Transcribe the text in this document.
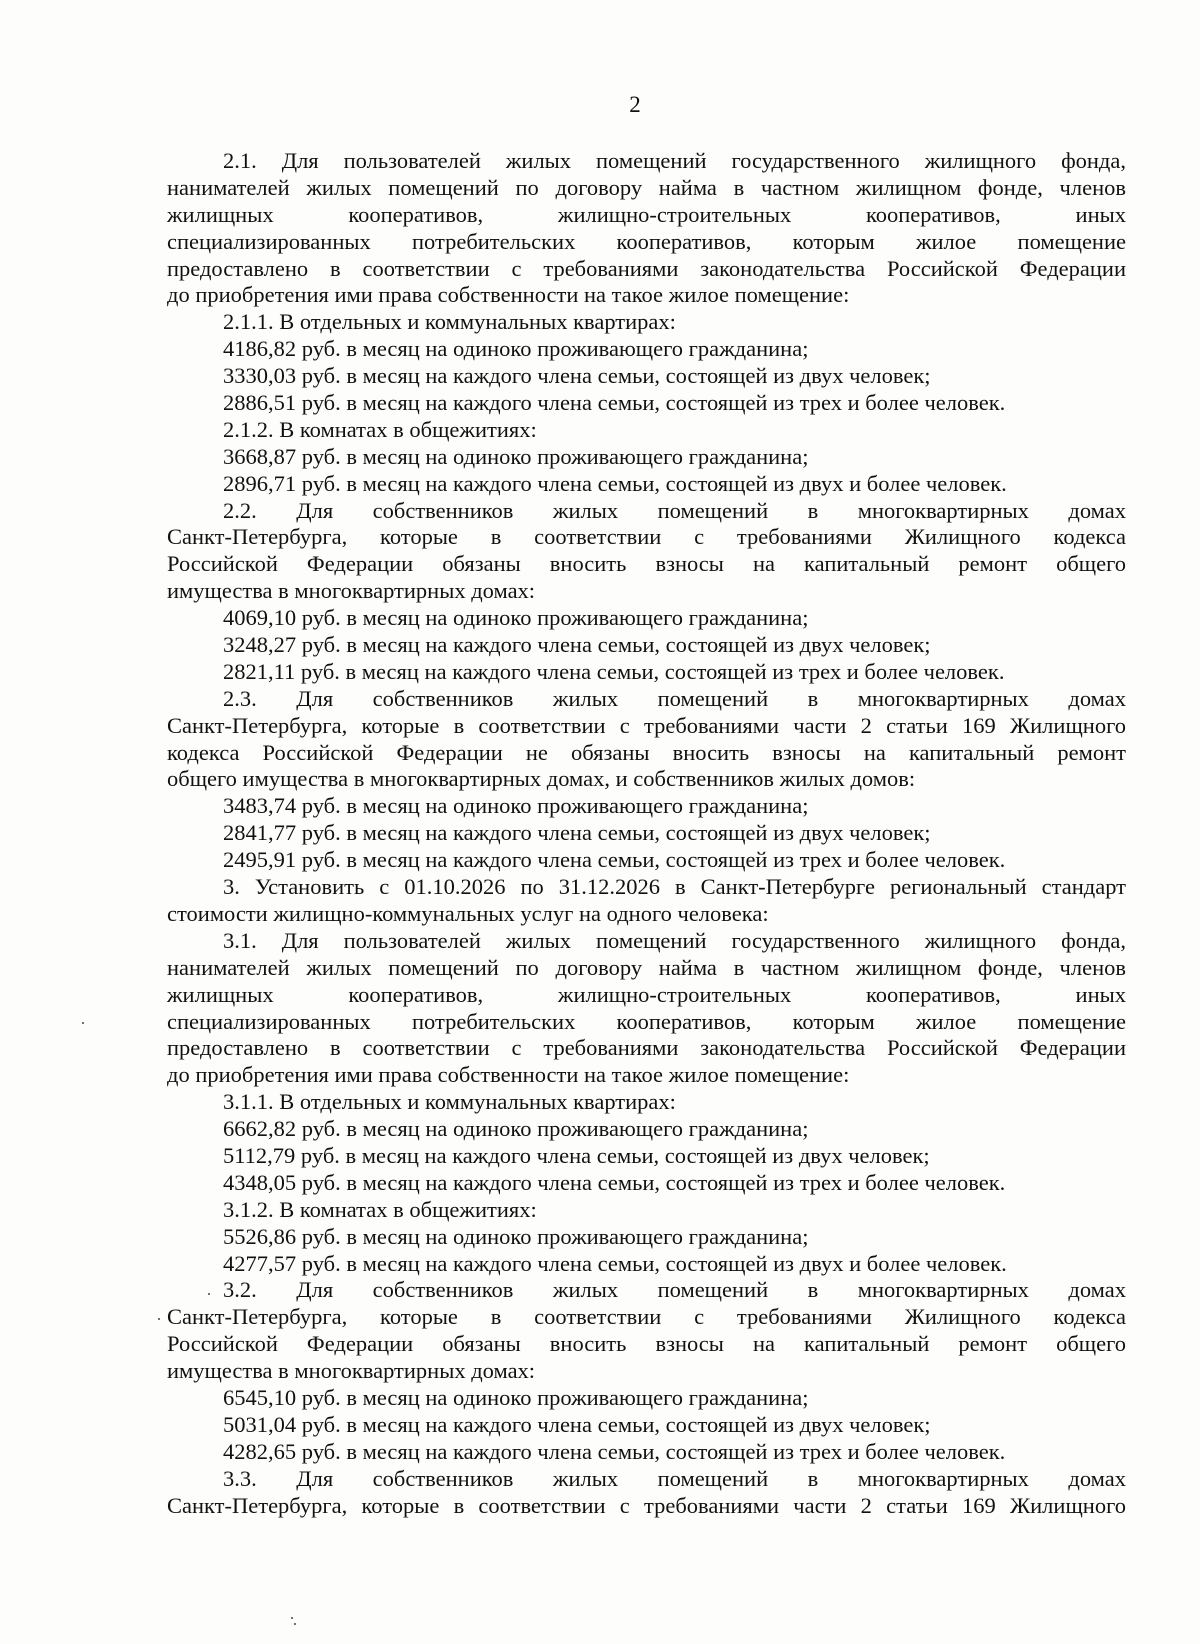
2
2.1. Для пользователей жилых помещений государственного жилищного фонда,
нанимателей жилых помещений по договору найма в частном жилищном фонде, членов
жилищных кооперативов, жилищно-строительных кооперативов, иных
специализированных потребительских кооперативов, которым жилое помещение
предоставлено в соответствии с требованиями законодательства Российской Федерации
до приобретения ими права собственности на такое жилое помещение:
2.1.1. В отдельных и коммунальных квартирах:
4186,82 руб. в месяц на одиноко проживающего гражданина;
3330,03 руб. в месяц на каждого члена семьи, состоящей из двух человек;
2886,51 руб. в месяц на каждого члена семьи, состоящей из трех и более человек.
2.1.2. В комнатах в общежитиях:
3668,87 руб. в месяц на одиноко проживающего гражданина;
2896,71 руб. в месяц на каждого члена семьи, состоящей из двух и более человек.
2.2. Для собственников жилых помещений в многоквартирных домах
Санкт-Петербурга, которые в соответствии с требованиями Жилищного кодекса
Российской Федерации обязаны вносить взносы на капитальный ремонт общего
имущества в многоквартирных домах:
4069,10 руб. в месяц на одиноко проживающего гражданина;
3248,27 руб. в месяц на каждого члена семьи, состоящей из двух человек;
2821,11 руб. в месяц на каждого члена семьи, состоящей из трех и более человек.
2.3. Для собственников жилых помещений в многоквартирных домах
Санкт-Петербурга, которые в соответствии с требованиями части 2 статьи 169 Жилищного
кодекса Российской Федерации не обязаны вносить взносы на капитальный ремонт
общего имущества в многоквартирных домах, и собственников жилых домов:
3483,74 руб. в месяц на одиноко проживающего гражданина;
2841,77 руб. в месяц на каждого члена семьи, состоящей из двух человек;
2495,91 руб. в месяц на каждого члена семьи, состоящей из трех и более человек.
3. Установить с 01.10.2026 по 31.12.2026 в Санкт-Петербурге региональный стандарт
стоимости жилищно-коммунальных услуг на одного человека:
3.1. Для пользователей жилых помещений государственного жилищного фонда,
нанимателей жилых помещений по договору найма в частном жилищном фонде, членов
жилищных кооперативов, жилищно-строительных кооперативов, иных
специализированных потребительских кооперативов, которым жилое помещение
предоставлено в соответствии с требованиями законодательства Российской Федерации
до приобретения ими права собственности на такое жилое помещение:
3.1.1. В отдельных и коммунальных квартирах:
6662,82 руб. в месяц на одиноко проживающего гражданина;
5112,79 руб. в месяц на каждого члена семьи, состоящей из двух человек;
4348,05 руб. в месяц на каждого члена семьи, состоящей из трех и более человек.
3.1.2. В комнатах в общежитиях:
5526,86 руб. в месяц на одиноко проживающего гражданина;
4277,57 руб. в месяц на каждого члена семьи, состоящей из двух и более человек.
3.2. Для собственников жилых помещений в многоквартирных домах
Санкт-Петербурга, которые в соответствии с требованиями Жилищного кодекса
Российской Федерации обязаны вносить взносы на капитальный ремонт общего
имущества в многоквартирных домах:
6545,10 руб. в месяц на одиноко проживающего гражданина;
5031,04 руб. в месяц на каждого члена семьи, состоящей из двух человек;
4282,65 руб. в месяц на каждого члена семьи, состоящей из трех и более человек.
3.3. Для собственников жилых помещений в многоквартирных домах
Санкт-Петербурга, которые в соответствии с требованиями части 2 статьи 169 Жилищного
